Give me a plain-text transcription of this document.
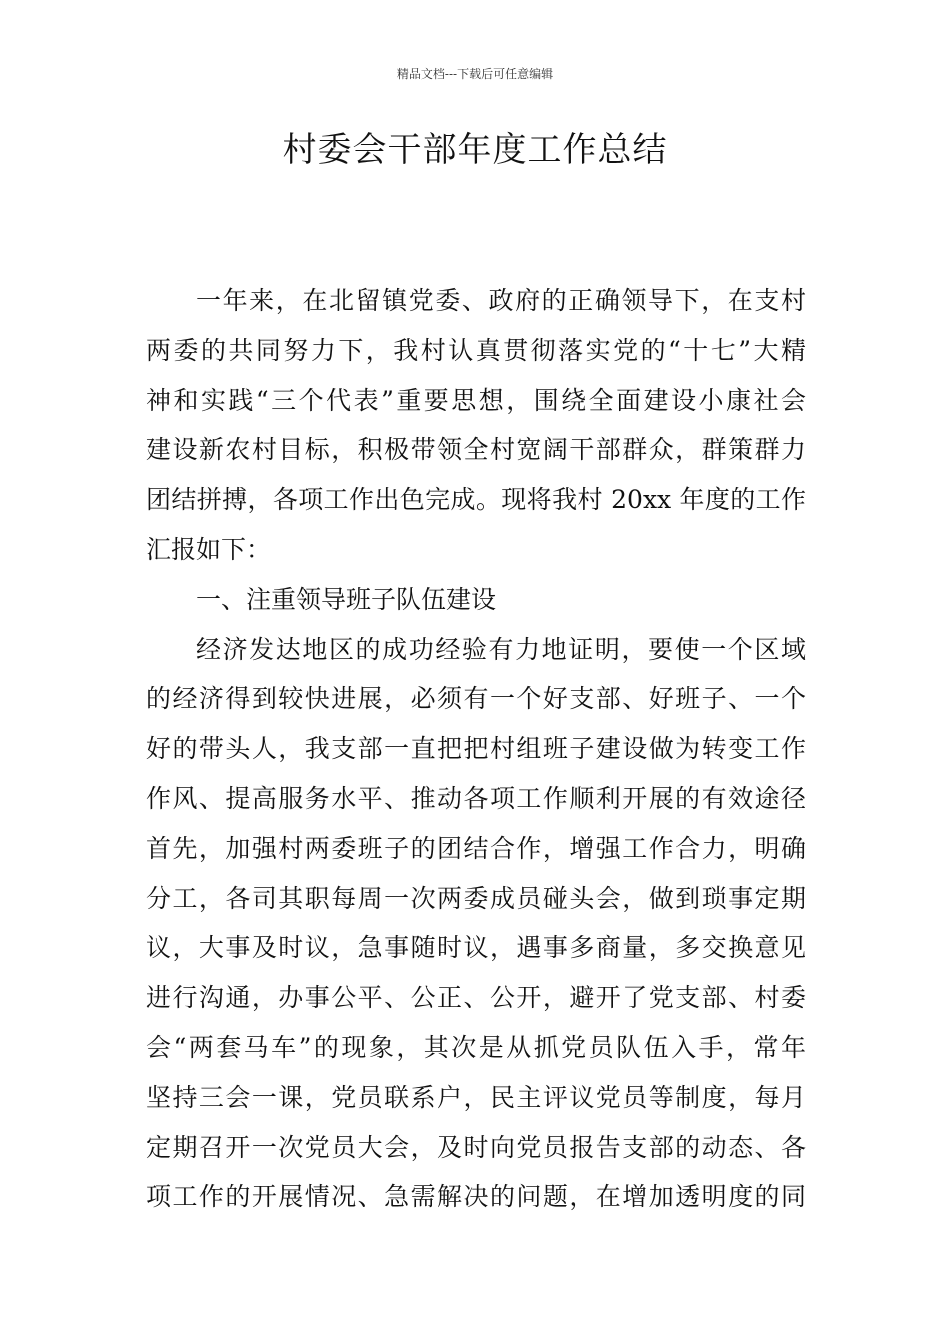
精品文档---下载后可任意编辑
村委会干部年度工作总结
一年来，在北留镇党委、政府的正确领导下，在支村
两委的共同努力下，我村认真贯彻落实党的“十七”大精
神和实践“三个代表”重要思想，围绕全面建设小康社会
建设新农村目标，积极带领全村宽阔干部群众，群策群力
团结拼搏，各项工作出色完成。现将我村 20xx 年度的工作
汇报如下：
一、注重领导班子队伍建设
经济发达地区的成功经验有力地证明，要使一个区域
的经济得到较快进展，必须有一个好支部、好班子、一个
好的带头人，我支部一直把把村组班子建设做为转变工作
作风、提高服务水平、推动各项工作顺利开展的有效途径
首先，加强村两委班子的团结合作，增强工作合力，明确
分工，各司其职每周一次两委成员碰头会，做到琐事定期
议，大事及时议，急事随时议，遇事多商量，多交换意见
进行沟通，办事公平、公正、公开，避开了党支部、村委
会“两套马车”的现象，其次是从抓党员队伍入手，常年
坚持三会一课，党员联系户，民主评议党员等制度，每月
定期召开一次党员大会，及时向党员报告支部的动态、各
项工作的开展情况、急需解决的问题，在增加透明度的同
